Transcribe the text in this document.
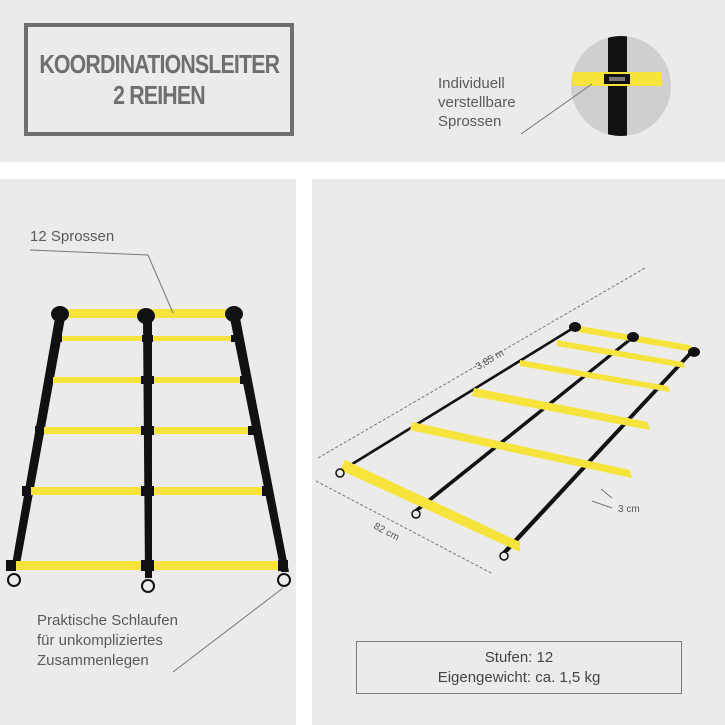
KOORDINATIONSLEITER
2 REIHEN
3,85 m
82 cm
3 cm
Individuell
verstellbare
Sprossen
12 Sprossen
Praktische Schlaufen
für unkompliziertes
Zusammenlegen	Stufen: 12
Eigengewicht: ca. 1,5 kg
